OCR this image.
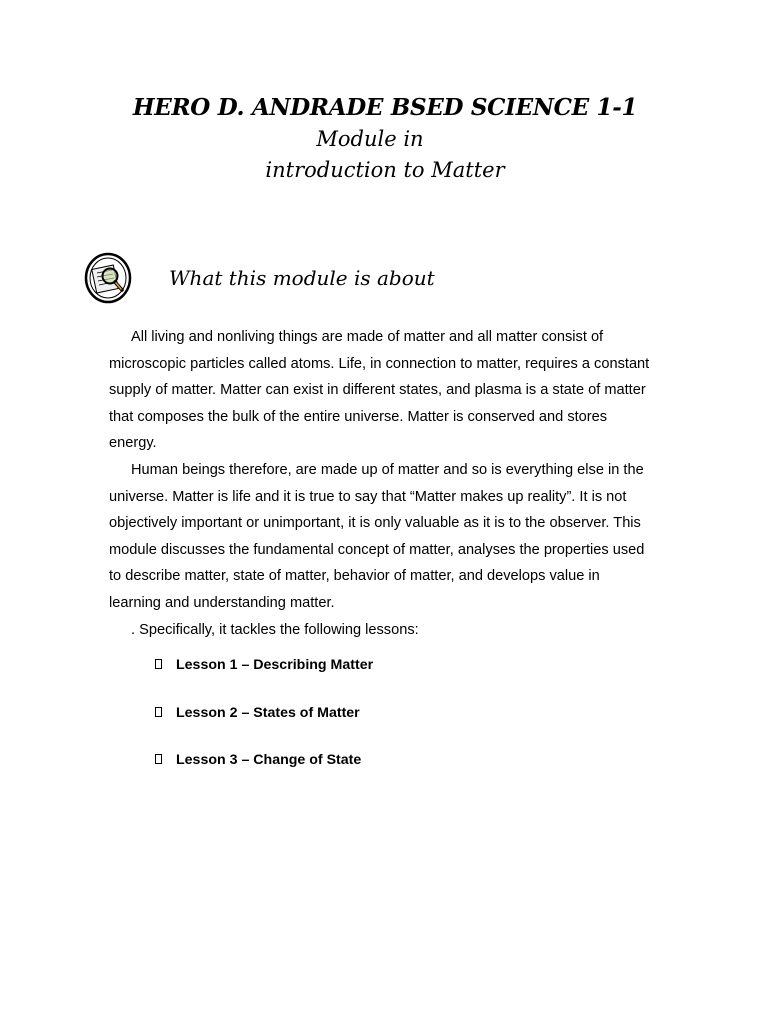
HERO D. ANDRADE BSED SCIENCE 1-1
Module in
introduction to Matter
What this module is about

All living and nonliving things are made of matter and all matter consist of microscopic particles called atoms. Life, in connection to matter, requires a constant supply of matter. Matter can exist in different states, and plasma is a state of matter that composes the bulk of the entire universe. Matter is conserved and stores energy.

Human beings therefore, are made up of matter and so is everything else in the universe. Matter is life and it is true to say that “Matter makes up reality”. It is not objectively important or unimportant, it is only valuable as it is to the observer. This module discusses the fundamental concept of matter, analyses the properties used to describe matter, state of matter, behavior of matter, and develops value in learning and understanding matter.

. Specifically, it tackles the following lessons:

Lesson 1 – Describing Matter
Lesson 2 – States of Matter
Lesson 3 – Change of State
